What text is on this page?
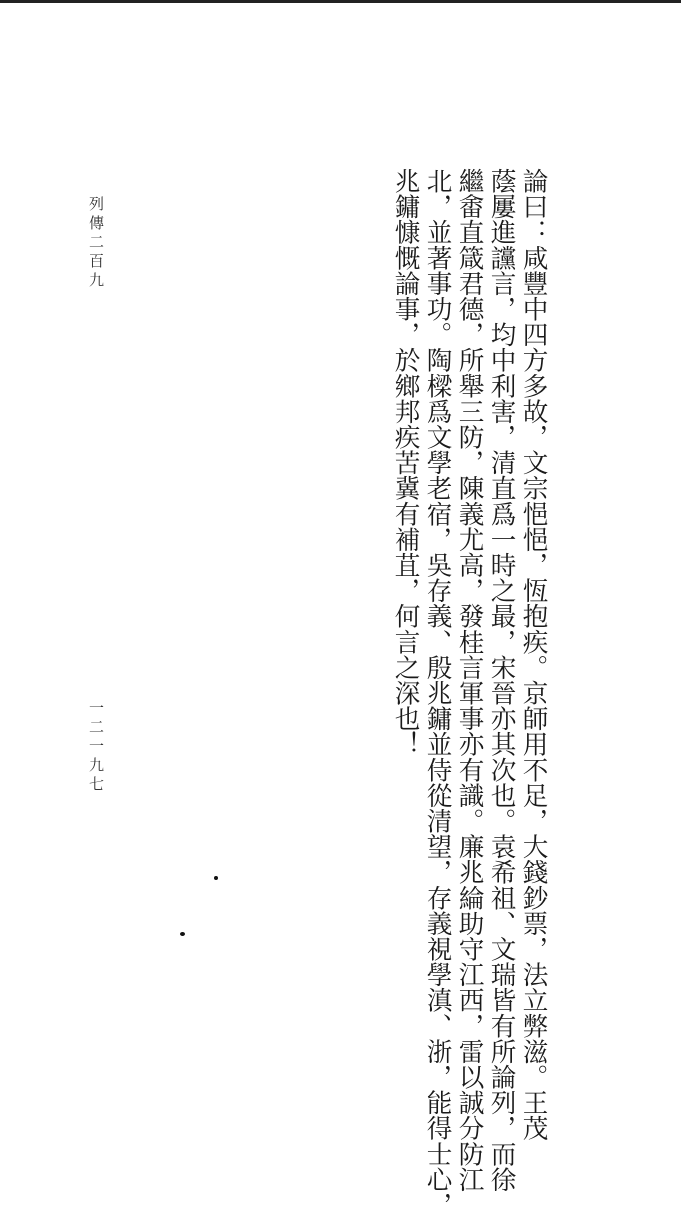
列傳二百九
一二一九七	論曰：咸豐中四方多故，文宗悒悒，恆抱疾。京師用不足，大錢鈔票，法立弊滋。王茂
蔭屢進讜言，均中利害，清直爲一時之最，宋晉亦其次也。袁希祖、文瑞皆有所論列，而徐
繼畬直箴君德，所舉三防，陳義尤高，發桂言軍事亦有識。廉兆綸助守江西，雷以誠分防江
北，並著事功。陶樑爲文學老宿，吳存義、殷兆鏞並侍從清望，存義視學滇、浙，能得士心，
兆鏞慷慨論事，於鄉邦疾苦冀有補苴，何言之深也！
